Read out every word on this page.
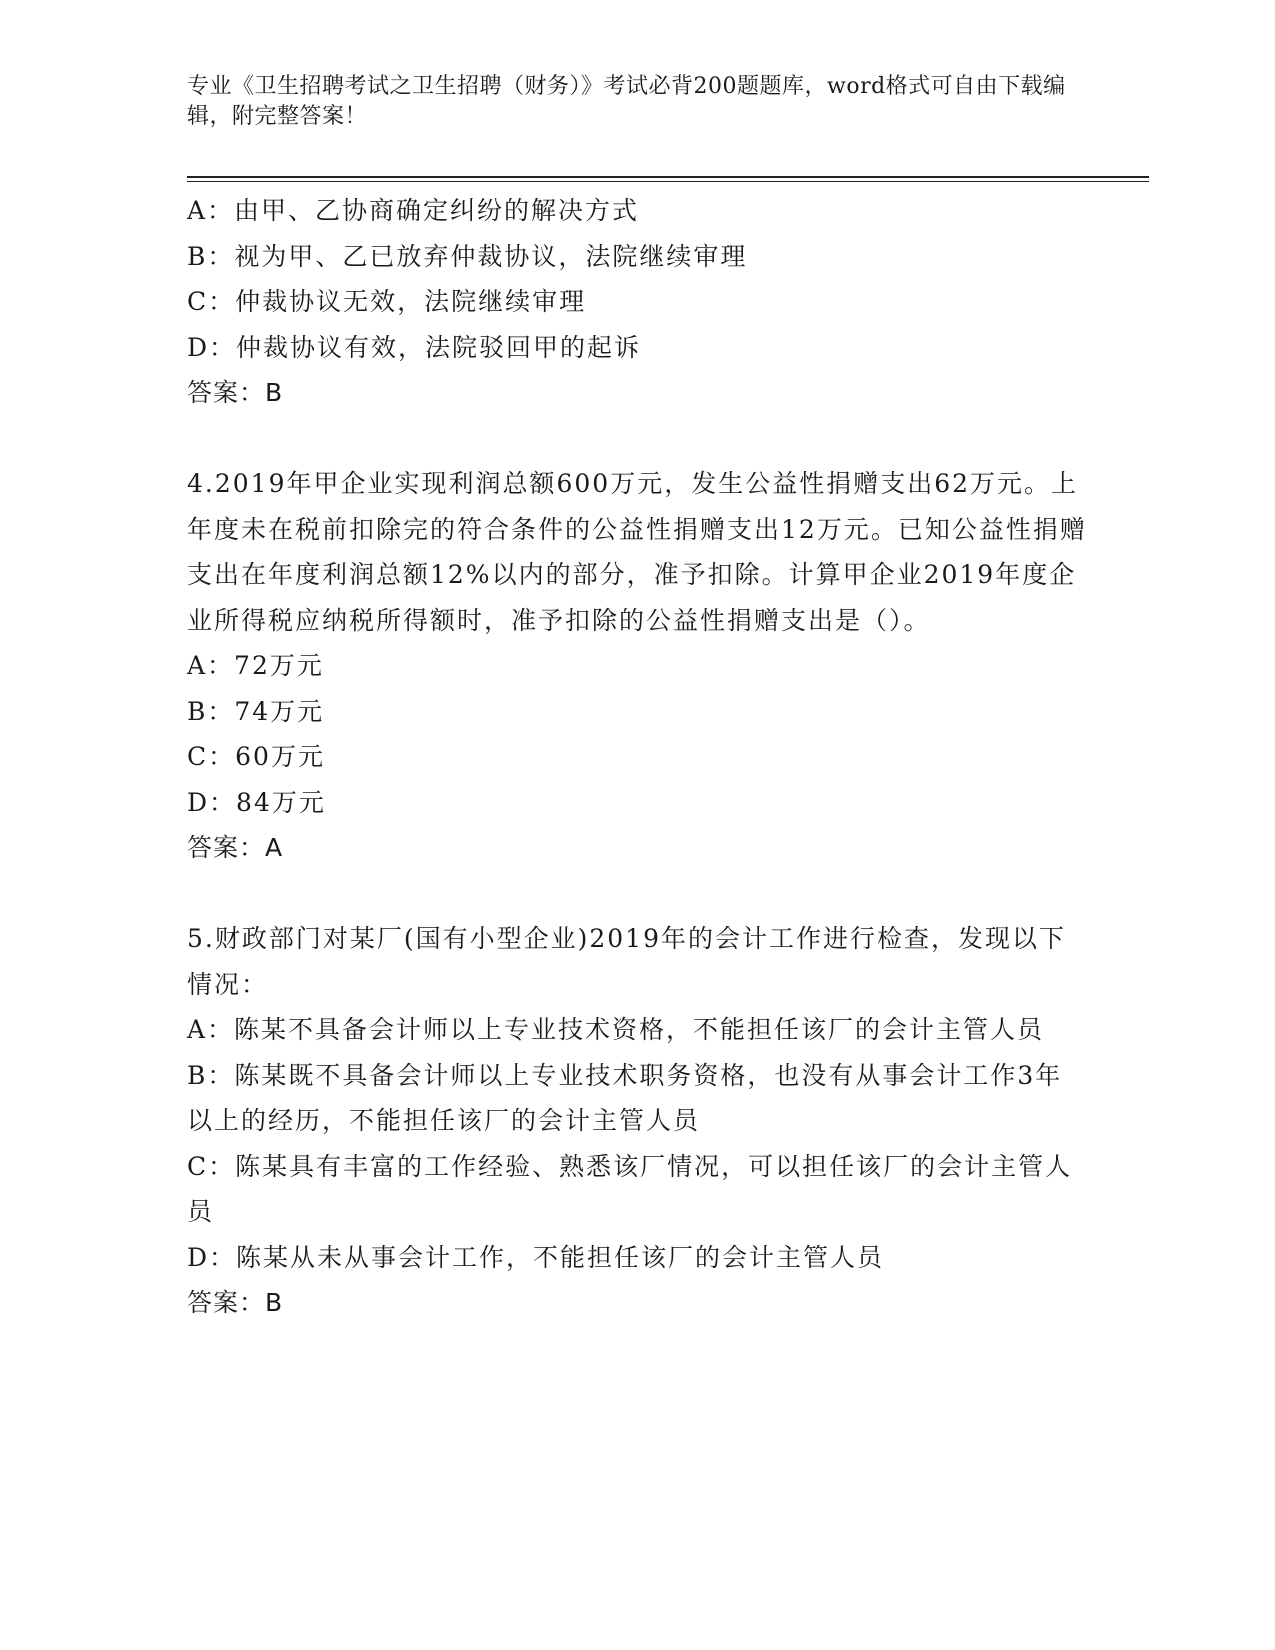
专业《卫生招聘考试之卫生招聘（财务）》考试必背200题题库，word格式可自由下载编辑，附完整答案！

A：由甲、乙协商确定纠纷的解决方式

B：视为甲、乙已放弃仲裁协议，法院继续审理

C：仲裁协议无效，法院继续审理

D：仲裁协议有效，法院驳回甲的起诉

答案：B

4.2019年甲企业实现利润总额600万元，发生公益性捐赠支出62万元。上年度未在税前扣除完的符合条件的公益性捐赠支出12万元。已知公益性捐赠支出在年度利润总额12%以内的部分，准予扣除。计算甲企业2019年度企业所得税应纳税所得额时，准予扣除的公益性捐赠支出是（）。

A：72万元

B：74万元

C：60万元

D：84万元

答案：A

5.财政部门对某厂(国有小型企业)2019年的会计工作进行检查，发现以下情况：

A：陈某不具备会计师以上专业技术资格，不能担任该厂的会计主管人员

B：陈某既不具备会计师以上专业技术职务资格，也没有从事会计工作3年以上的经历，不能担任该厂的会计主管人员

C：陈某具有丰富的工作经验、熟悉该厂情况，可以担任该厂的会计主管人员

D：陈某从未从事会计工作，不能担任该厂的会计主管人员

答案：B
